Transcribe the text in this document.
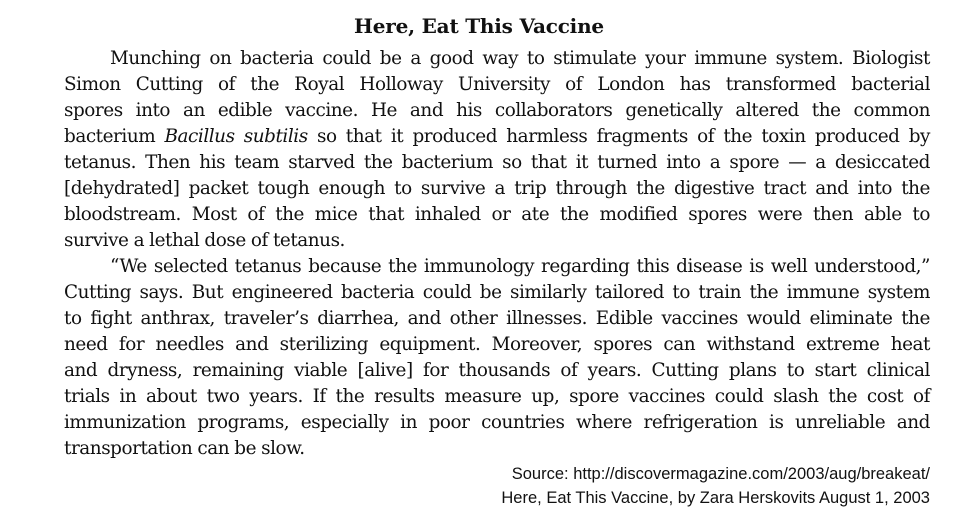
Here, Eat This Vaccine
Munching on bacteria could be a good way to stimulate your immune system. Biologist
Simon Cutting of the Royal Holloway University of London has transformed bacterial
spores into an edible vaccine. He and his collaborators genetically altered the common
bacterium Bacillus subtilis so that it produced harmless fragments of the toxin produced by
tetanus. Then his team starved the bacterium so that it turned into a spore — a desiccated
[dehydrated] packet tough enough to survive a trip through the digestive tract and into the
bloodstream. Most of the mice that inhaled or ate the modified spores were then able to
survive a lethal dose of tetanus.
“We selected tetanus because the immunology regarding this disease is well understood,”
Cutting says. But engineered bacteria could be similarly tailored to train the immune system
to fight anthrax, traveler’s diarrhea, and other illnesses. Edible vaccines would eliminate the
need for needles and sterilizing equipment. Moreover, spores can withstand extreme heat
and dryness, remaining viable [alive] for thousands of years. Cutting plans to start clinical
trials in about two years. If the results measure up, spore vaccines could slash the cost of
immunization programs, especially in poor countries where refrigeration is unreliable and
transportation can be slow.
Source: http://discovermagazine.com/2003/aug/breakeat/
Here, Eat This Vaccine, by Zara Herskovits August 1, 2003
